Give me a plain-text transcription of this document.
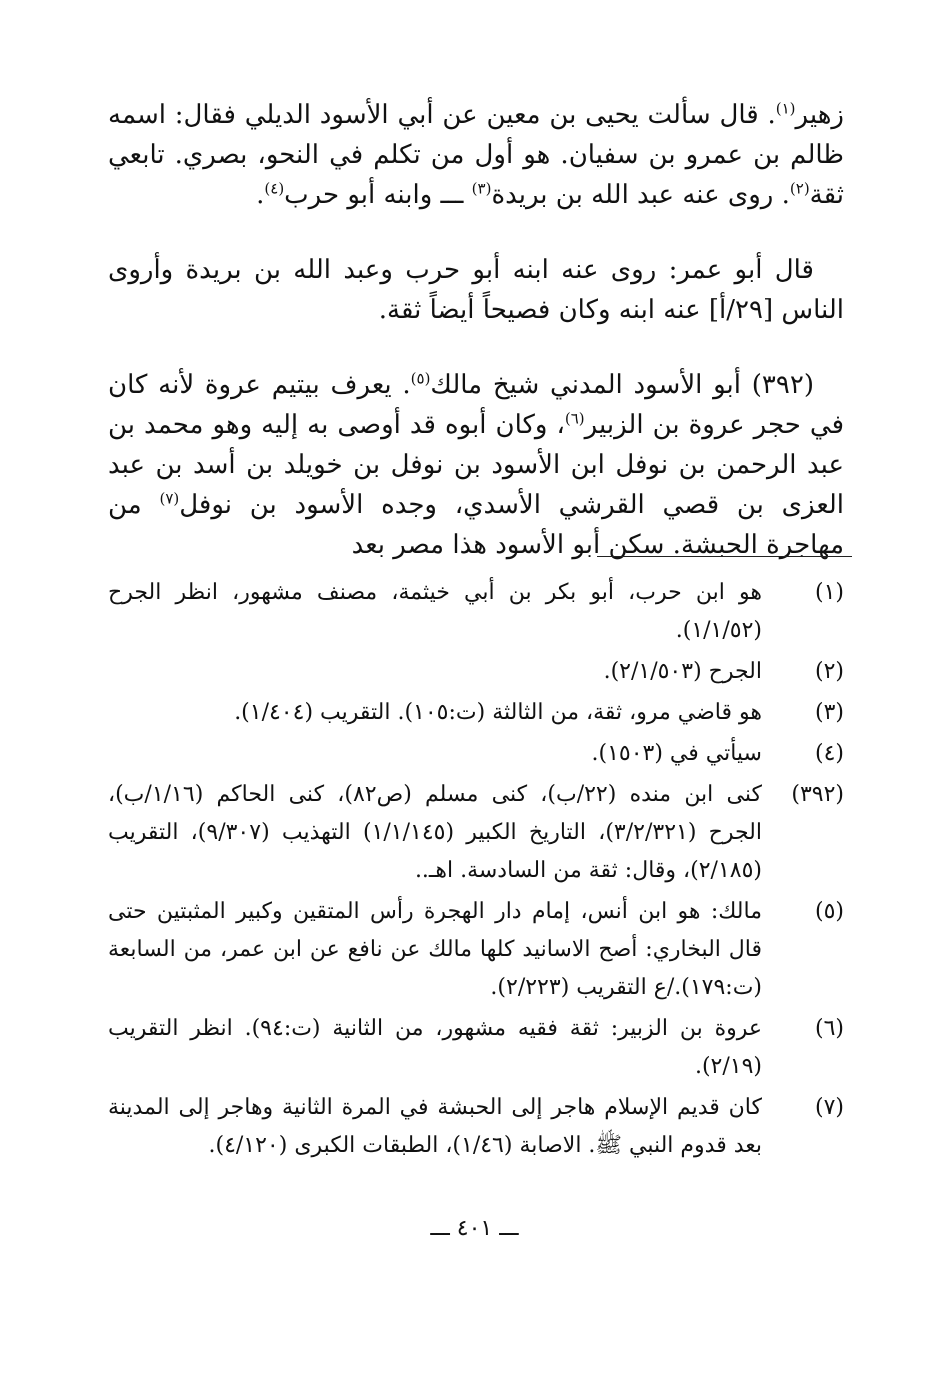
زهير$^{(١)}$. قال سألت يحيى بن معين عن أبي الأسود الديلي فقال: اسمه ظالم بن عمرو بن سفيان. هو أول من تكلم في النحو، بصري. تابعي ثقة$^{(٢)}$. روى عنه عبد الله بن بريدة$^{(٣)}$ ـــ وابنه أبو حرب$^{(٤)}$.

قال أبو عمر: روى عنه ابنه أبو حرب وعبد الله بن بريدة وأروى الناس [٢٩/أ] عنه ابنه وكان فصيحاً أيضاً ثقة.

(٣٩٢) أبو الأسود المدني شيخ مالك$^{(٥)}$. يعرف بيتيم عروة لأنه كان في حجر عروة بن الزبير$^{(٦)}$، وكان أبوه قد أوصى به إليه وهو محمد بن عبد الرحمن بن نوفل ابن الأسود بن نوفل بن خويلد بن أسد بن عبد العزى بن قصي القرشي الأسدي، وجده الأسود بن نوفل$^{(٧)}$ من مهاجرة الحبشة. سكن أبو الأسود هذا مصر بعد

(١)
هو ابن حرب، أبو بكر بن أبي خيثمة، مصنف مشهور، انظر الجرح (١/١/٥٢).
(٢)
الجرح (٢/١/٥٠٣).
(٣)
هو قاضي مرو، ثقة، من الثالثة (ت:١٠٥). التقريب (١/٤٠٤).
(٤)
سيأتي في (١٥٠٣).
(٣٩٢)
كنى ابن منده (٢٢/ب)، كنى مسلم (ص٨٢)، كنى الحاكم (١/١٦/ب)، الجرح (٣/٢/٣٢١)، التاريخ الكبير (١/١/١٤٥) التهذيب (٩/٣٠٧)، التقريب (٢/١٨٥)، وقال: ثقة من السادسة. اهـ..
(٥)
مالك: هو ابن أنس، إمام دار الهجرة رأس المتقين وكبير المثبتين حتى قال البخاري: أصح الاسانيد كلها مالك عن نافع عن ابن عمر، من السابعة (ت:١٧٩)./ع التقريب (٢/٢٢٣).
(٦)
عروة بن الزبير: ثقة فقيه مشهور، من الثانية (ت:٩٤). انظر التقريب (٢/١٩).
(٧)
كان قديم الإسلام هاجر إلى الحبشة في المرة الثانية وهاجر إلى المدينة بعد قدوم النبي ﷺ. الاصابة (١/٤٦)، الطبقات الكبرى (٤/١٢٠).
ـــ ٤٠١ ـــ
